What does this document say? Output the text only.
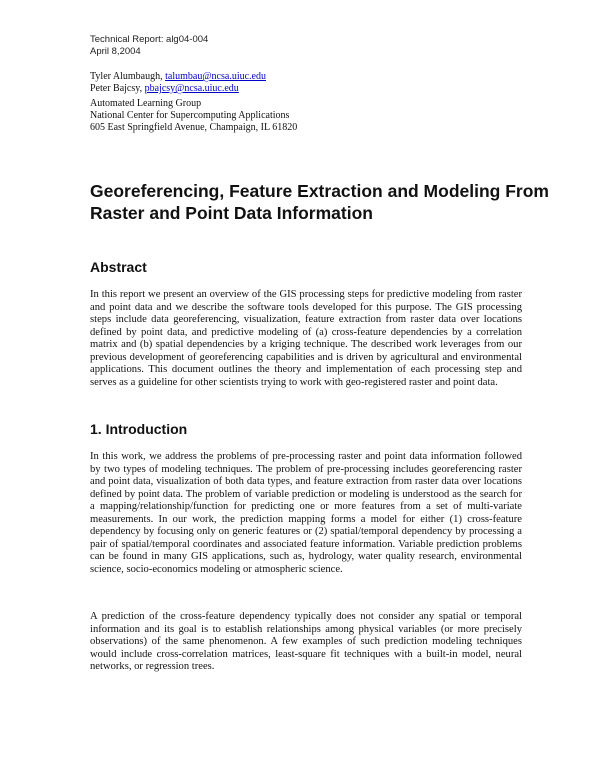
Technical Report: alg04-004
April 8,2004
Tyler Alumbaugh, talumbau@ncsa.uiuc.edu
Peter Bajcsy, pbajcsy@ncsa.uiuc.edu
Automated Learning Group
National Center for Supercomputing Applications
605 East Springfield Avenue, Champaign, IL 61820
Georeferencing, Feature Extraction and Modeling From Raster and Point Data Information
Abstract

In this report we present an overview of the GIS processing steps for predictive modeling from raster and point data and we describe the software tools developed for this purpose. The GIS processing steps include data georeferencing, visualization, feature extraction from raster data over locations defined by point data, and predictive modeling of (a) cross-feature dependencies by a correlation matrix and (b) spatial dependencies by a kriging technique. The described work leverages from our previous development of georeferencing capabilities and is driven by agricultural and environmental applications. This document outlines the theory and implementation of each processing step and serves as a guideline for other scientists trying to work with geo-registered raster and point data.

1. Introduction

In this work, we address the problems of pre-processing raster and point data information followed by two types of modeling techniques. The problem of pre-processing includes georeferencing raster and point data, visualization of both data types, and feature extraction from raster data over locations defined by point data. The problem of variable prediction or modeling is understood as the search for a mapping/relationship/function for predicting one or more features from a set of multi-variate measurements. In our work, the prediction mapping forms a model for either (1) cross-feature dependency by focusing only on generic features or (2) spatial/temporal dependency by processing a pair of spatial/temporal coordinates and associated feature information. Variable prediction problems can be found in many GIS applications, such as, hydrology, water quality research, environmental science, socio-economics modeling or atmospheric science.

A prediction of the cross-feature dependency typically does not consider any spatial or temporal information and its goal is to establish relationships among physical variables (or more precisely observations) of the same phenomenon. A few examples of such prediction modeling techniques would include cross-correlation matrices, least-square fit techniques with a built-in model, neural networks, or regression trees.
